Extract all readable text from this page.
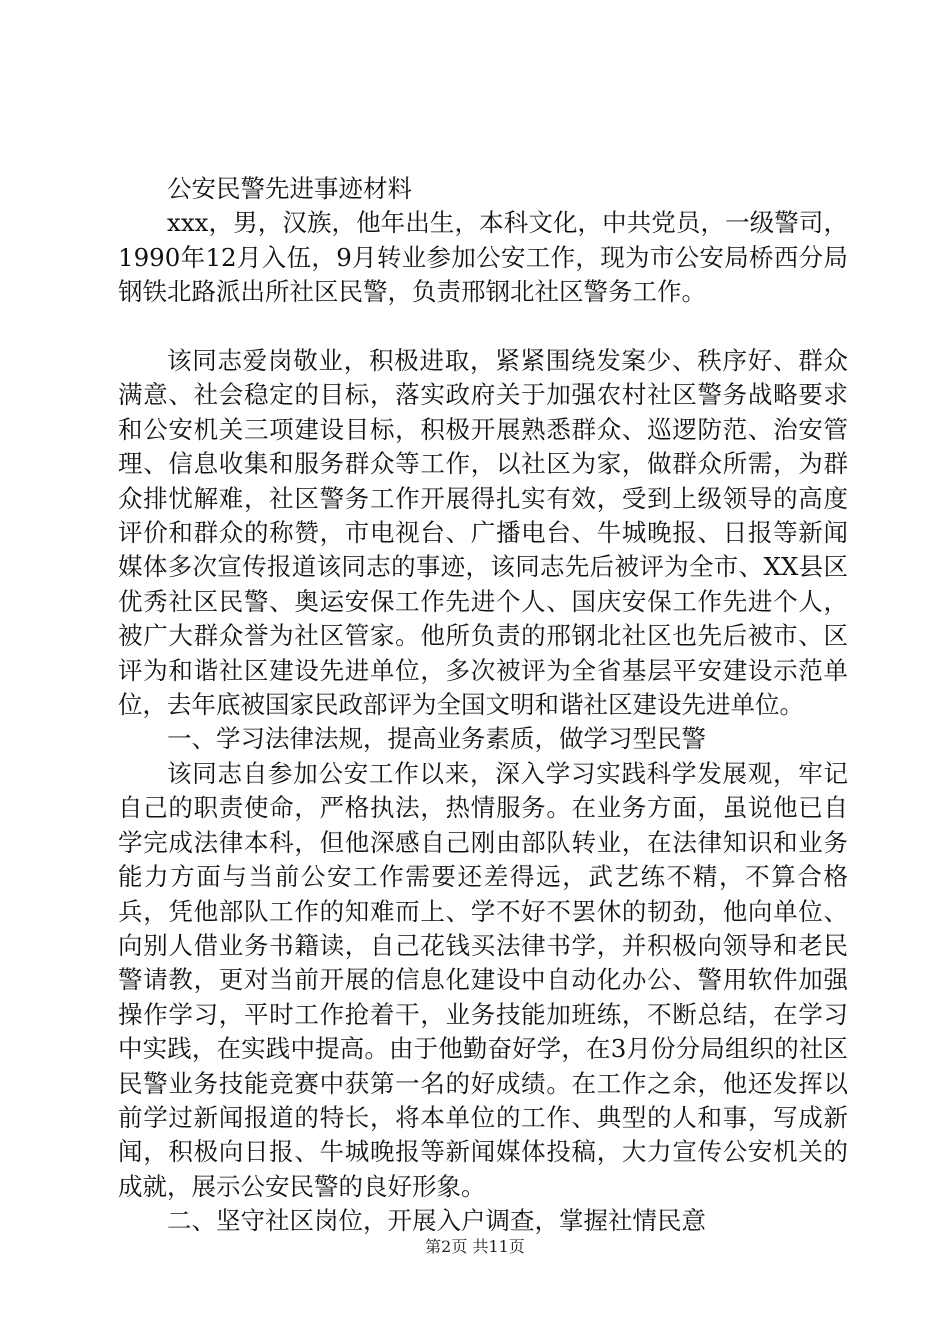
公安民警先进事迹材料

xxx，男，汉族，他年出生，本科文化，中共党员，一级警司，1990年12月入伍，9月转业参加公安工作，现为市公安局桥西分局钢铁北路派出所社区民警，负责邢钢北社区警务工作。

该同志爱岗敬业，积极进取，紧紧围绕发案少、秩序好、群众满意、社会稳定的目标，落实政府关于加强农村社区警务战略要求和公安机关三项建设目标，积极开展熟悉群众、巡逻防范、治安管理、信息收集和服务群众等工作，以社区为家，做群众所需，为群众排忧解难，社区警务工作开展得扎实有效，受到上级领导的高度评价和群众的称赞，市电视台、广播电台、牛城晚报、日报等新闻媒体多次宣传报道该同志的事迹，该同志先后被评为全市、XX县区优秀社区民警、奥运安保工作先进个人、国庆安保工作先进个人，被广大群众誉为社区管家。他所负责的邢钢北社区也先后被市、区评为和谐社区建设先进单位，多次被评为全省基层平安建设示范单位，去年底被国家民政部评为全国文明和谐社区建设先进单位。

一、学习法律法规，提高业务素质，做学习型民警

该同志自参加公安工作以来，深入学习实践科学发展观，牢记自己的职责使命，严格执法，热情服务。在业务方面，虽说他已自学完成法律本科，但他深感自己刚由部队转业，在法律知识和业务能力方面与当前公安工作需要还差得远，武艺练不精，不算合格兵，凭他部队工作的知难而上、学不好不罢休的韧劲，他向单位、向别人借业务书籍读，自己花钱买法律书学，并积极向领导和老民警请教，更对当前开展的信息化建设中自动化办公、警用软件加强操作学习，平时工作抢着干，业务技能加班练，不断总结，在学习中实践，在实践中提高。由于他勤奋好学，在3月份分局组织的社区民警业务技能竞赛中获第一名的好成绩。在工作之余，他还发挥以前学过新闻报道的特长，将本单位的工作、典型的人和事，写成新闻，积极向日报、牛城晚报等新闻媒体投稿，大力宣传公安机关的成就，展示公安民警的良好形象。

二、坚守社区岗位，开展入户调查，掌握社情民意

第2页 共11页
